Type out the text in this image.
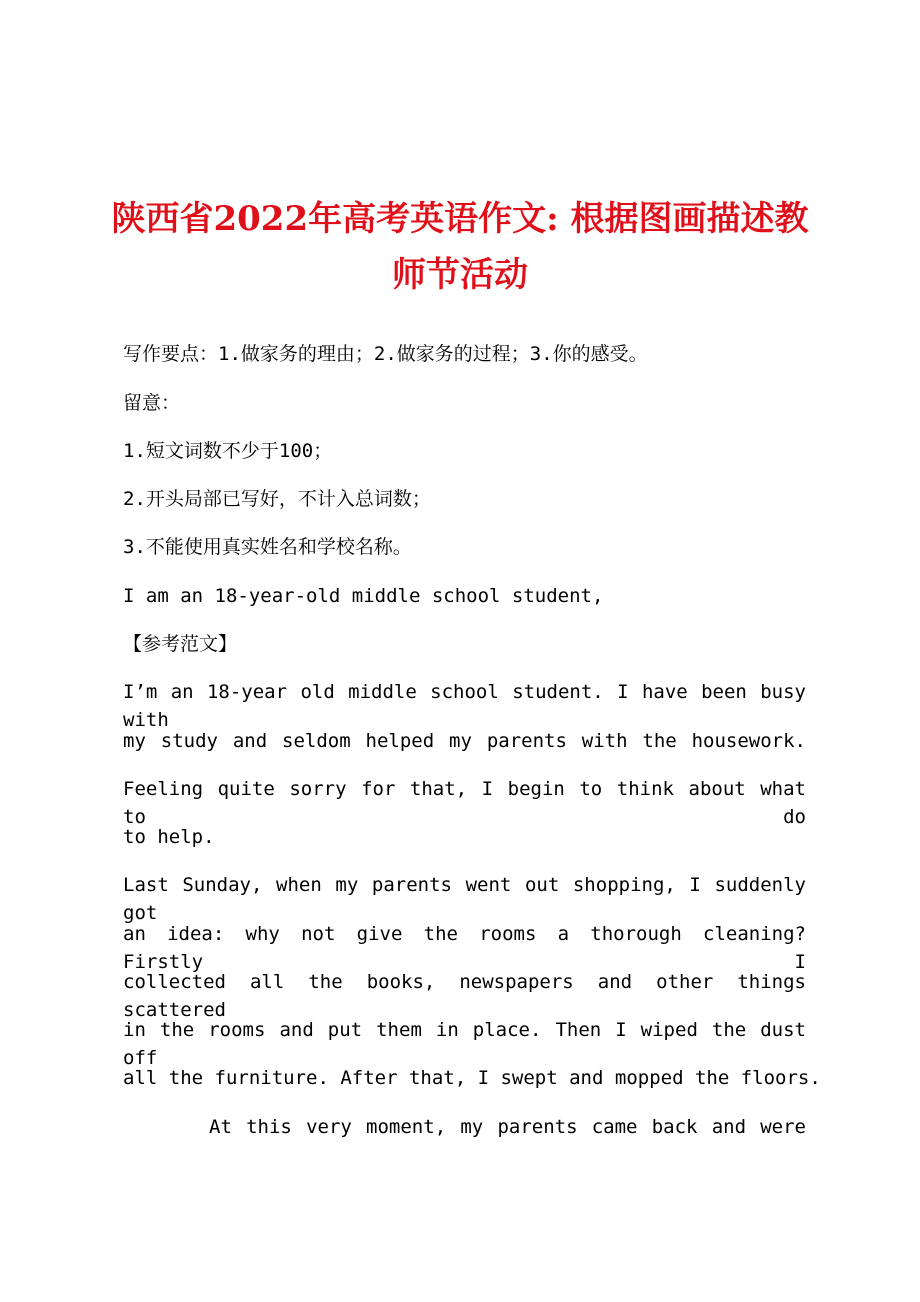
陕西省2022年高考英语作文: 根据图画描述教
师节活动

写作要点：1.做家务的理由；2.做家务的过程；3.你的感受。

留意：

1.短文词数不少于100；

2.开头局部已写好，不计入总词数；

3.不能使用真实姓名和学校名称。

I am an 18-year-old middle school student,

【参考范文】

I’m an 18-year old middle school student. I have been busy with

my study and seldom helped my parents with the housework.

Feeling quite sorry for that, I begin to think about what to do

to help.

Last Sunday, when my parents went out shopping, I suddenly got

an idea: why not give the rooms a thorough cleaning? Firstly I

collected all the books, newspapers and other things scattered

in the rooms and put them in place. Then I wiped the dust off

all the furniture. After that, I swept and mopped the floors.

At this very moment, my parents came back and were
